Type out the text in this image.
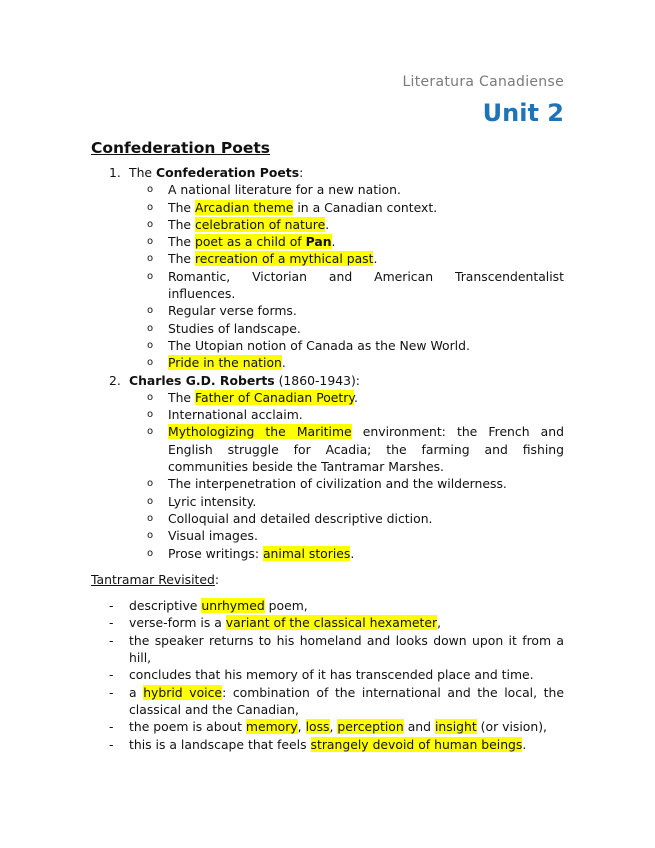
Literatura Canadiense
Unit 2
Confederation Poets
1. The Confederation Poets:
o A national literature for a new nation.
o The Arcadian theme in a Canadian context.
o The celebration of nature.
o The poet as a child of Pan.
o The recreation of a mythical past.
o Romantic, Victorian and American Transcendentalist
influences.
o Regular verse forms.
o Studies of landscape.
o The Utopian notion of Canada as the New World.
o Pride in the nation.
2. Charles G.D. Roberts (1860-1943):
o The Father of Canadian Poetry.
o International acclaim.
o Mythologizing the Maritime environment: the French and English struggle for Acadia; the farming and fishing communities beside the Tantramar Marshes.
o The interpenetration of civilization and the wilderness.
o Lyric intensity.
o Colloquial and detailed descriptive diction.
o Visual images.
o Prose writings: animal stories.
Tantramar Revisited :
- descriptive unrhymed poem,
- verse-form is a variant of the classical hexameter,
- the speaker returns to his homeland and looks down upon it from a hill,
- concludes that his memory of it has transcended place and time.
- a hybrid voice: combination of the international and the local, the classical and the Canadian,
- the poem is about memory, loss, perception and insight (or vision),
- this is a landscape that feels strangely devoid of human beings.
